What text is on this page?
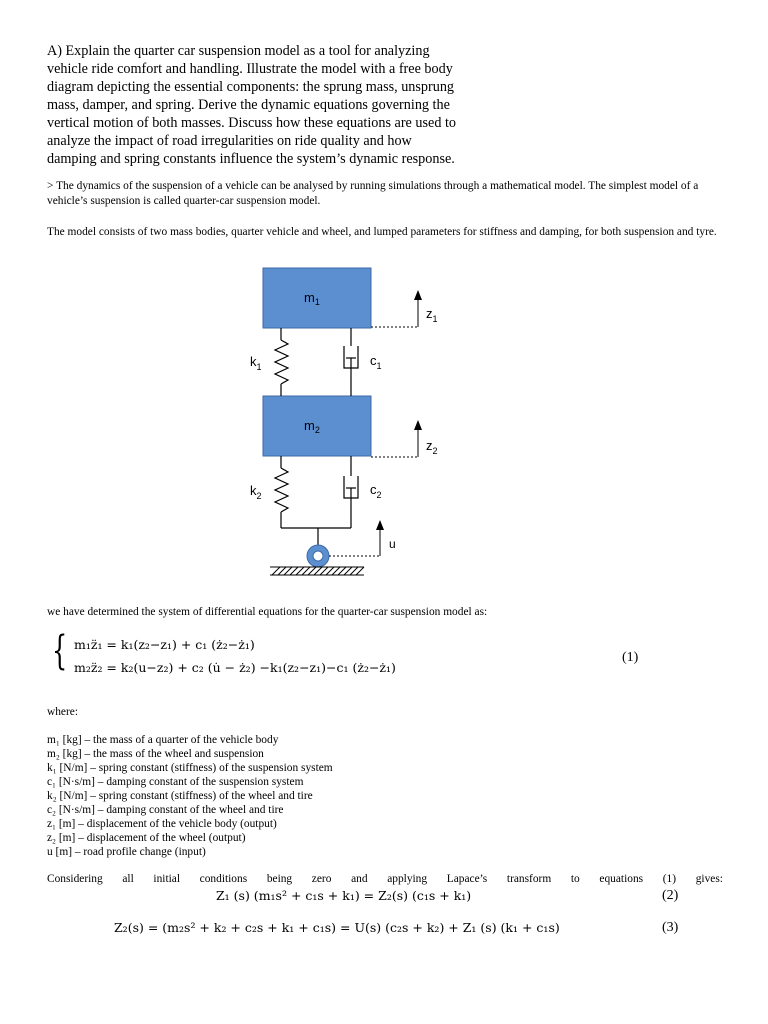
A) Explain the quarter car suspension model as a tool for analyzing
vehicle ride comfort and handling. Illustrate the model with a free body
diagram depicting the essential components: the sprung mass, unsprung
mass, damper, and spring. Derive the dynamic equations governing the
vertical motion of both masses. Discuss how these equations are used to
analyze the impact of road irregularities on ride quality and how
damping and spring constants influence the system’s dynamic response.
> The dynamics of the suspension of a vehicle can be analysed by running simulations through a mathematical model. The simplest model of a vehicle’s suspension is called quarter-car suspension model.
The model consists of two mass bodies, quarter vehicle and wheel, and lumped parameters for stiffness and damping, for both suspension and tyre.
$m_1$
$m_2$
$k_1$	$c_1$
$k_2$	$c_2$
$z_1$
$z_2$
u
we have determined the system of differential equations for the quarter-car suspension model as:
{ m₁z̈₁ = k₁(z₂−z₁) + c₁ (ż₂−ż₁)
m₂z̈₂ = k₂(u−z₂) + c₂ (u̇ − ż₂) −k₁(z₂−z₁)−c₁ (ż₂−ż₁)
(1)
where:
m₁ [kg] – the mass of a quarter of the vehicle body
m₂ [kg] – the mass of the wheel and suspension
k₁ [N/m] – spring constant (stiffness) of the suspension system
c₁ [N·s/m] – damping constant of the suspension system
k₂ [N/m] – spring constant (stiffness) of the wheel and tire
c₂ [N·s/m] – damping constant of the wheel and tire
z₁ [m] – displacement of the vehicle body (output)
z₂ [m] – displacement of the wheel (output)
u [m] – road profile change (input)
Considering all initial conditions being zero and applying Lapace’s transform to equations (1) gives:
Z₁ (s) (m₁s² + c₁s + k₁) = Z₂(s) (c₁s + k₁)	(2)
Z₂(s) = (m₂s² + k₂ + c₂s + k₁ + c₁s) = U(s) (c₂s + k₂) + Z₁ (s) (k₁ + c₁s)	(3)
